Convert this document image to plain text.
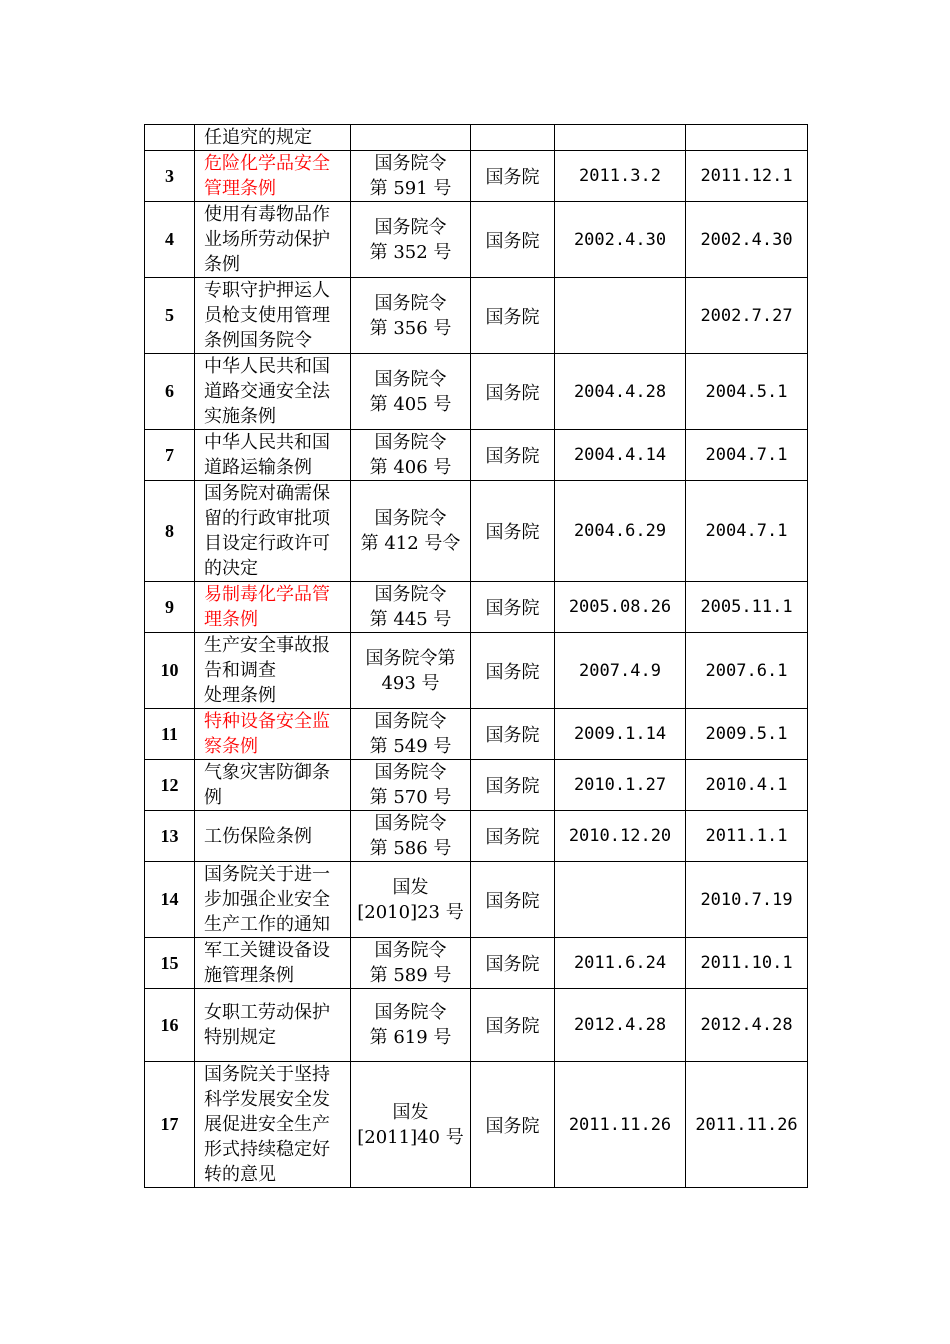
	任追究的规定				

3	危险化学品安全
管理条例	国务院令
第 591 号	国务院	2011.3.2	2011.12.1
4	使用有毒物品作
业场所劳动保护
条例	国务院令
第 352 号	国务院	2002.4.30	2002.4.30
5	专职守护押运人
员枪支使用管理
条例国务院令	国务院令
第 356 号	国务院		2002.7.27
6	中华人民共和国
道路交通安全法
实施条例	国务院令
第 405 号	国务院	2004.4.28	2004.5.1
7	中华人民共和国
道路运输条例	国务院令
第 406 号	国务院	2004.4.14	2004.7.1
8	国务院对确需保
留的行政审批项
目设定行政许可
的决定	国务院令
第 412 号令	国务院	2004.6.29	2004.7.1
9	易制毒化学品管
理条例	国务院令
第 445 号	国务院	2005.08.26	2005.11.1
10	生产安全事故报
告和调查
处理条例	国务院令第
493 号	国务院	2007.4.9	2007.6.1
11	特种设备安全监
察条例	国务院令
第 549 号	国务院	2009.1.14	2009.5.1
12	气象灾害防御条
例	国务院令
第 570 号	国务院	2010.1.27	2010.4.1
13	工伤保险条例	国务院令
第 586 号	国务院	2010.12.20	2011.1.1
14	国务院关于进一
步加强企业安全
生产工作的通知	国发
[2010]23 号	国务院		2010.7.19
15	军工关键设备设
施管理条例	国务院令
第 589 号	国务院	2011.6.24	2011.10.1
16	女职工劳动保护
特别规定	国务院令
第 619 号	国务院	2012.4.28	2012.4.28
17	国务院关于坚持
科学发展安全发
展促进安全生产
形式持续稳定好
转的意见	国发
[2011]40 号	国务院	2011.11.26	2011.11.26
